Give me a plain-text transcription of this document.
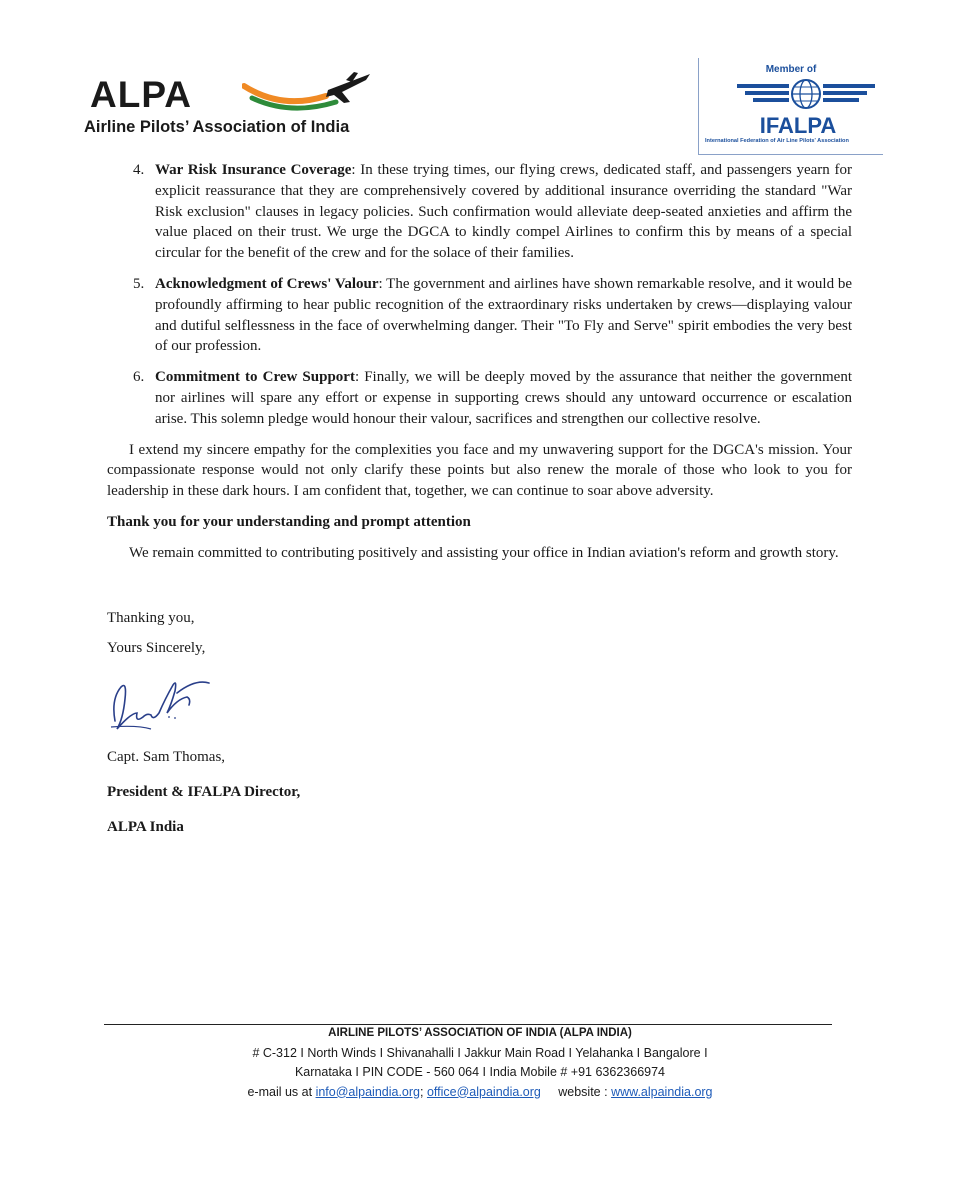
ALPA
Airline Pilots’ Association of India
Member of
IFALPA
International Federation of Air Line Pilots' Association
4. War Risk Insurance Coverage: In these trying times, our flying crews, dedicated staff, and passengers yearn for explicit reassurance that they are comprehensively covered by additional insurance overriding the standard "War Risk exclusion" clauses in legacy policies. Such confirmation would alleviate deep-seated anxieties and affirm the value placed on their trust. We urge the DGCA to kindly compel Airlines to confirm this by means of a special circular for the benefit of the crew and for the solace of their families.
5. Acknowledgment of Crews' Valour: The government and airlines have shown remarkable resolve, and it would be profoundly affirming to hear public recognition of the extraordinary risks undertaken by crews—displaying valour and dutiful selflessness in the face of overwhelming danger. Their "To Fly and Serve" spirit embodies the very best of our profession.
6. Commitment to Crew Support: Finally, we will be deeply moved by the assurance that neither the government nor airlines will spare any effort or expense in supporting crews should any untoward occurrence or escalation arise. This solemn pledge would honour their valour, sacrifices and strengthen our collective resolve.

I extend my sincere empathy for the complexities you face and my unwavering support for the DGCA's mission. Your compassionate response would not only clarify these points but also renew the morale of those who look to you for leadership in these dark hours. I am confident that, together, we can continue to soar above adversity.

Thank you for your understanding and prompt attention

We remain committed to contributing positively and assisting your office in Indian aviation's reform and growth story.

Thanking you,
Yours Sincerely,
Capt. Sam Thomas,
President & IFALPA Director,
ALPA India
AIRLINE PILOTS’ ASSOCIATION OF INDIA (ALPA INDIA)
# C-312 I North Winds I Shivanahalli I Jakkur Main Road I Yelahanka I Bangalore I
Karnataka I PIN CODE - 560 064 I India Mobile # +91 6362366974
e-mail us at info@alpaindia.org; office@alpaindia.org     website : www.alpaindia.org
